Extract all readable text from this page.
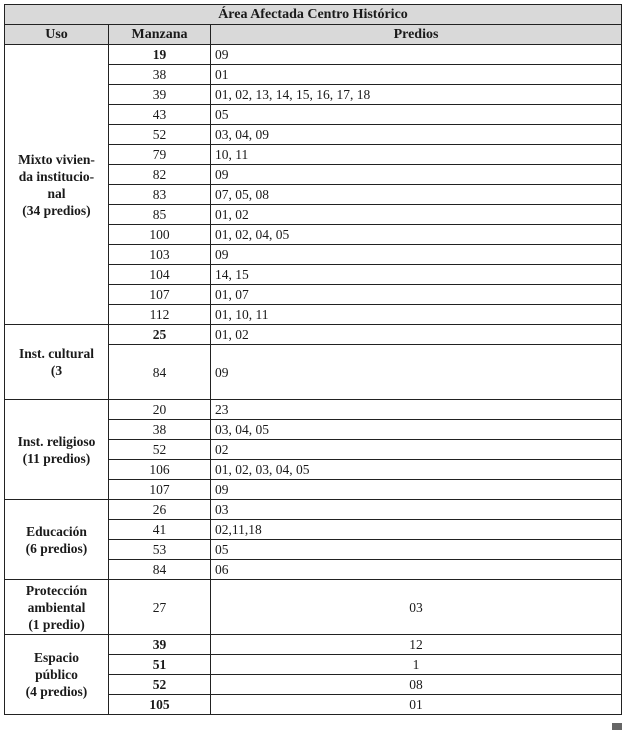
Área Afectada Centro Histórico		
Uso	Manzana	Predios
Mixto vivien-
da institucio-
nal
(34 predios)	19	09
	38	01
	39	01, 02, 13, 14, 15, 16, 17, 18
	43	05
	52	03, 04, 09
	79	10, 11
	82	09
	83	07, 05, 08
	85	01, 02
	100	01, 02, 04, 05
	103	09
	104	14, 15
	107	01, 07
	112	01, 10, 11
Inst. cultural
(3	25	01, 02
	84	09
Inst. religioso
(11 predios)	20	23
	38	03, 04, 05
	52	02
	106	01, 02, 03, 04, 05
	107	09
Educación
(6 predios)	26	03
	41	02,11,18
	53	05
	84	06
Protección
ambiental
(1 predio)	27	03
Espacio
público
(4 predios)	39	12
	51	1
	52	08
	105	01
